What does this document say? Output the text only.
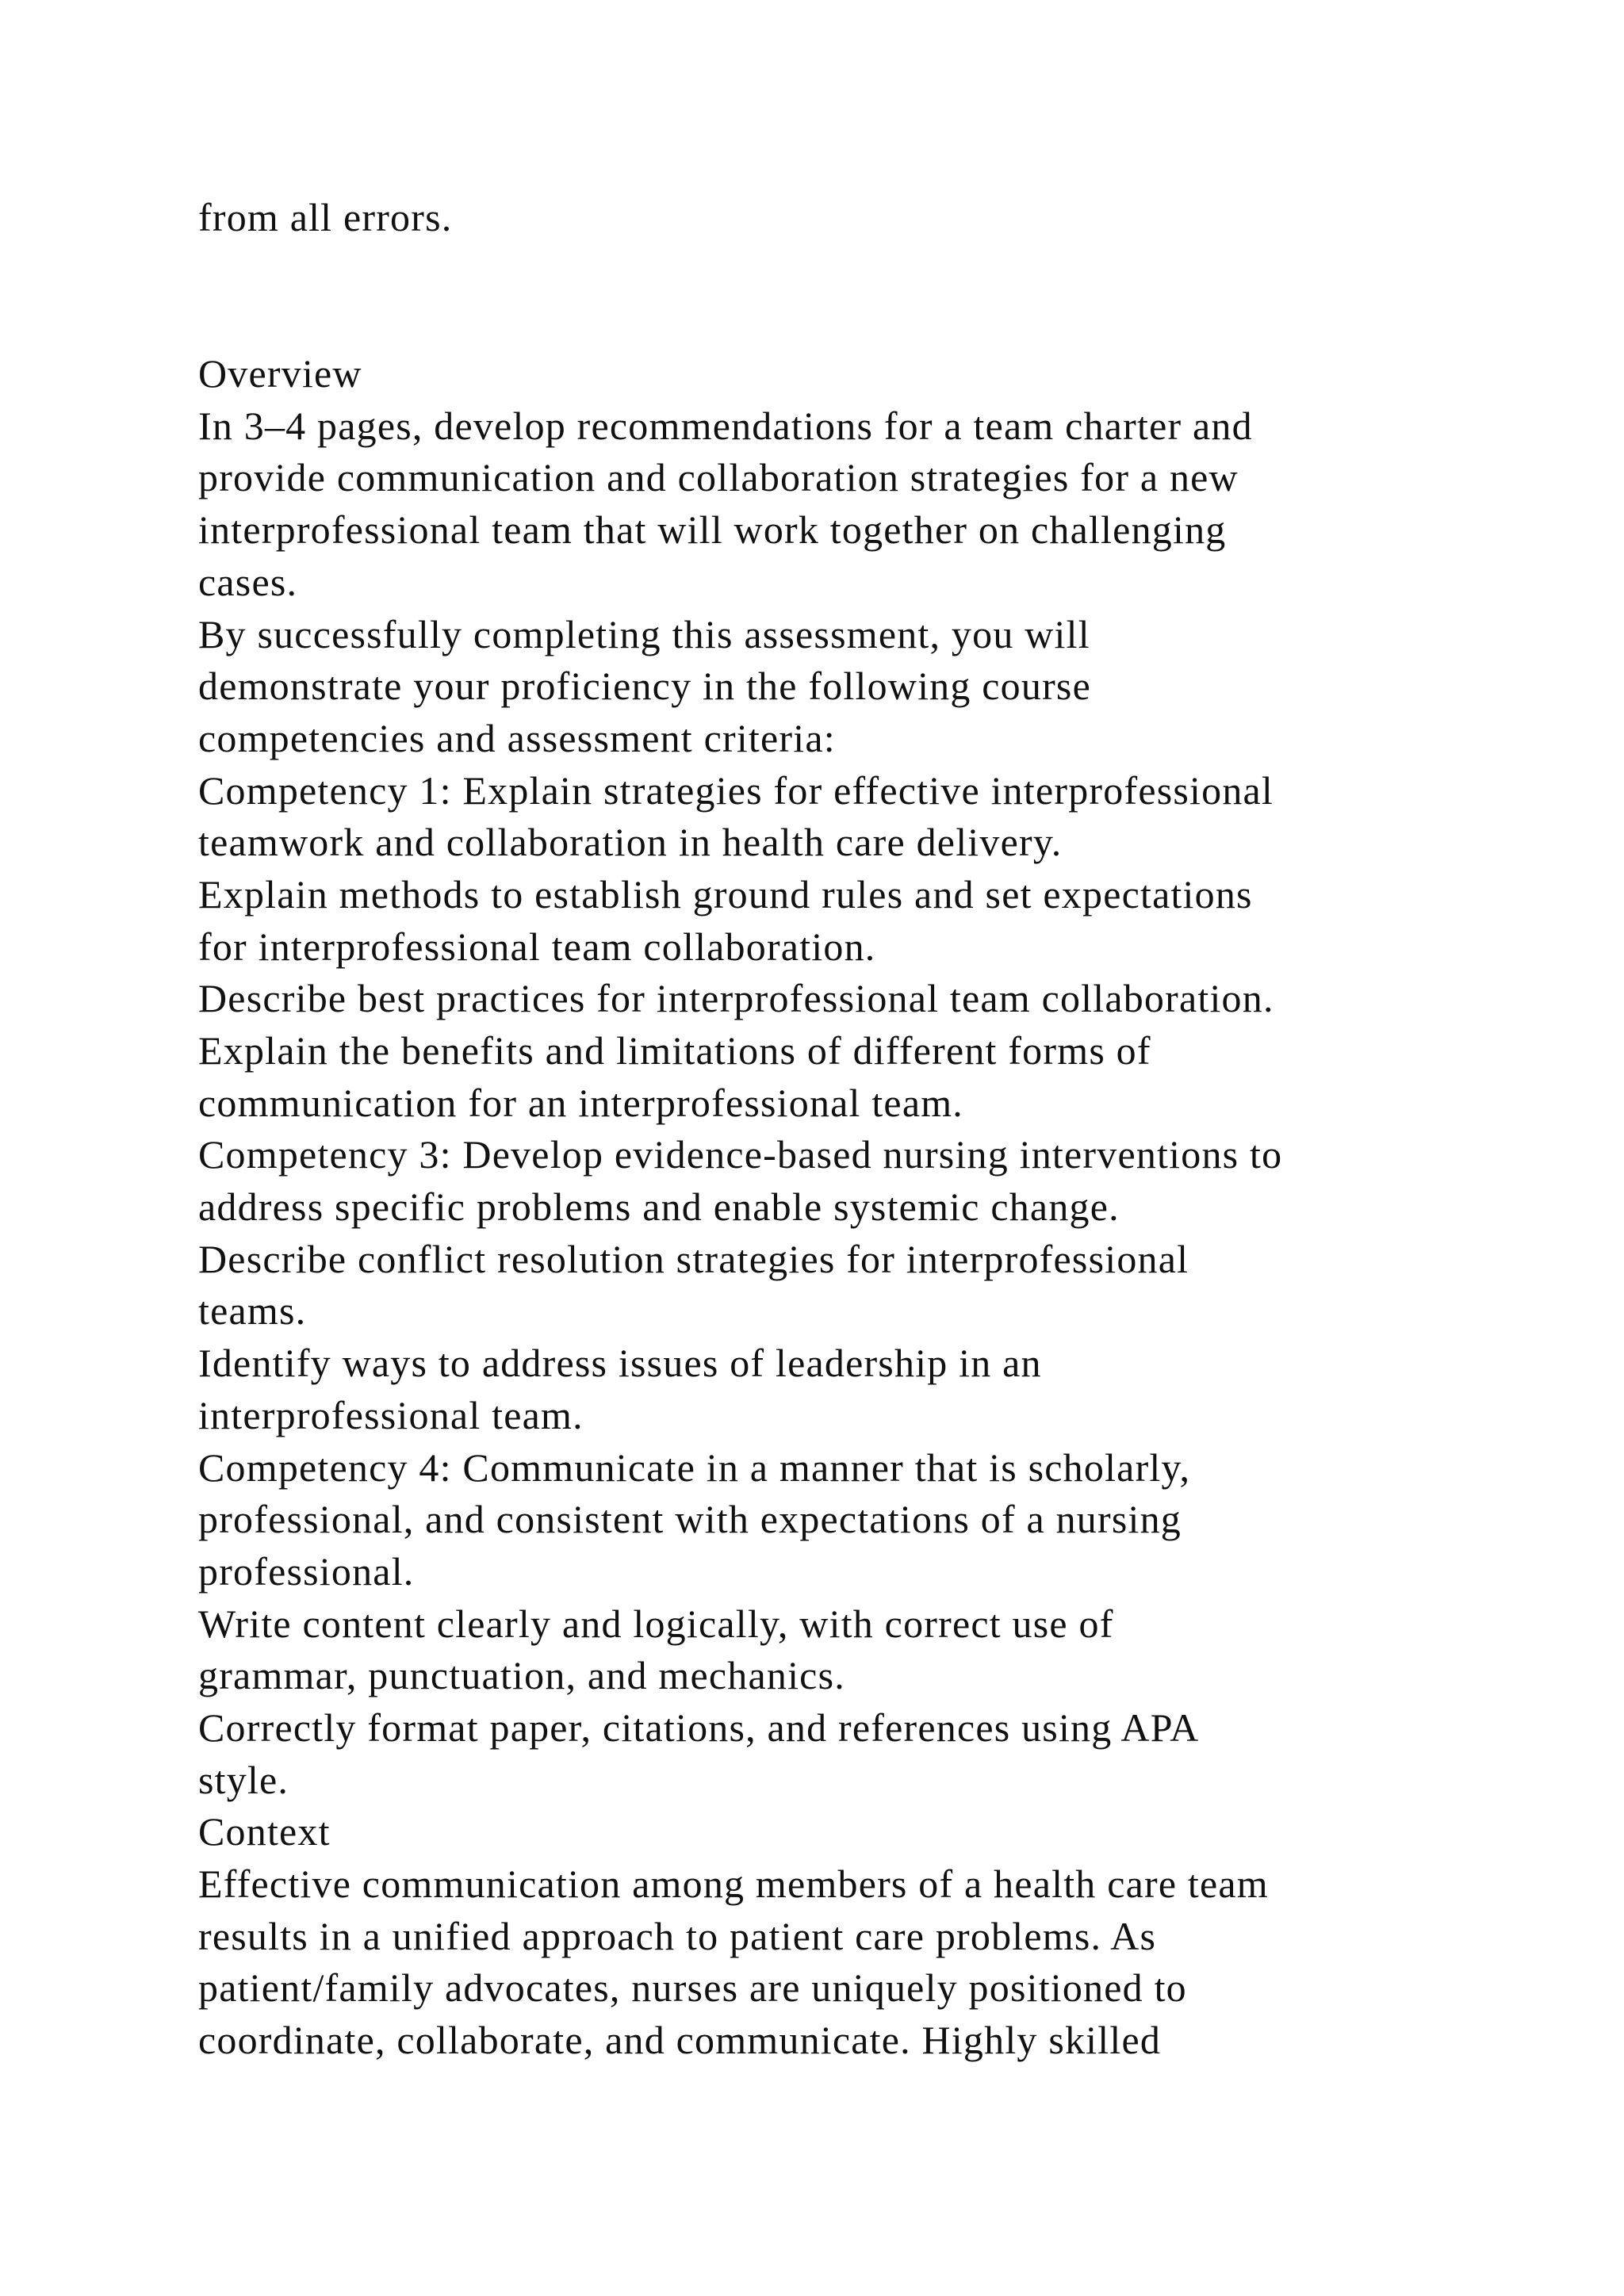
from all errors.
Overview
In 3–4 pages, develop recommendations for a team charter and
provide communication and collaboration strategies for a new
interprofessional team that will work together on challenging
cases.
By successfully completing this assessment, you will
demonstrate your proficiency in the following course
competencies and assessment criteria:
Competency 1: Explain strategies for effective interprofessional
teamwork and collaboration in health care delivery.
Explain methods to establish ground rules and set expectations
for interprofessional team collaboration.
Describe best practices for interprofessional team collaboration.
Explain the benefits and limitations of different forms of
communication for an interprofessional team.
Competency 3: Develop evidence-based nursing interventions to
address specific problems and enable systemic change.
Describe conflict resolution strategies for interprofessional
teams.
Identify ways to address issues of leadership in an
interprofessional team.
Competency 4: Communicate in a manner that is scholarly,
professional, and consistent with expectations of a nursing
professional.
Write content clearly and logically, with correct use of
grammar, punctuation, and mechanics.
Correctly format paper, citations, and references using APA
style.
Context
Effective communication among members of a health care team
results in a unified approach to patient care problems. As
patient/family advocates, nurses are uniquely positioned to
coordinate, collaborate, and communicate. Highly skilled
